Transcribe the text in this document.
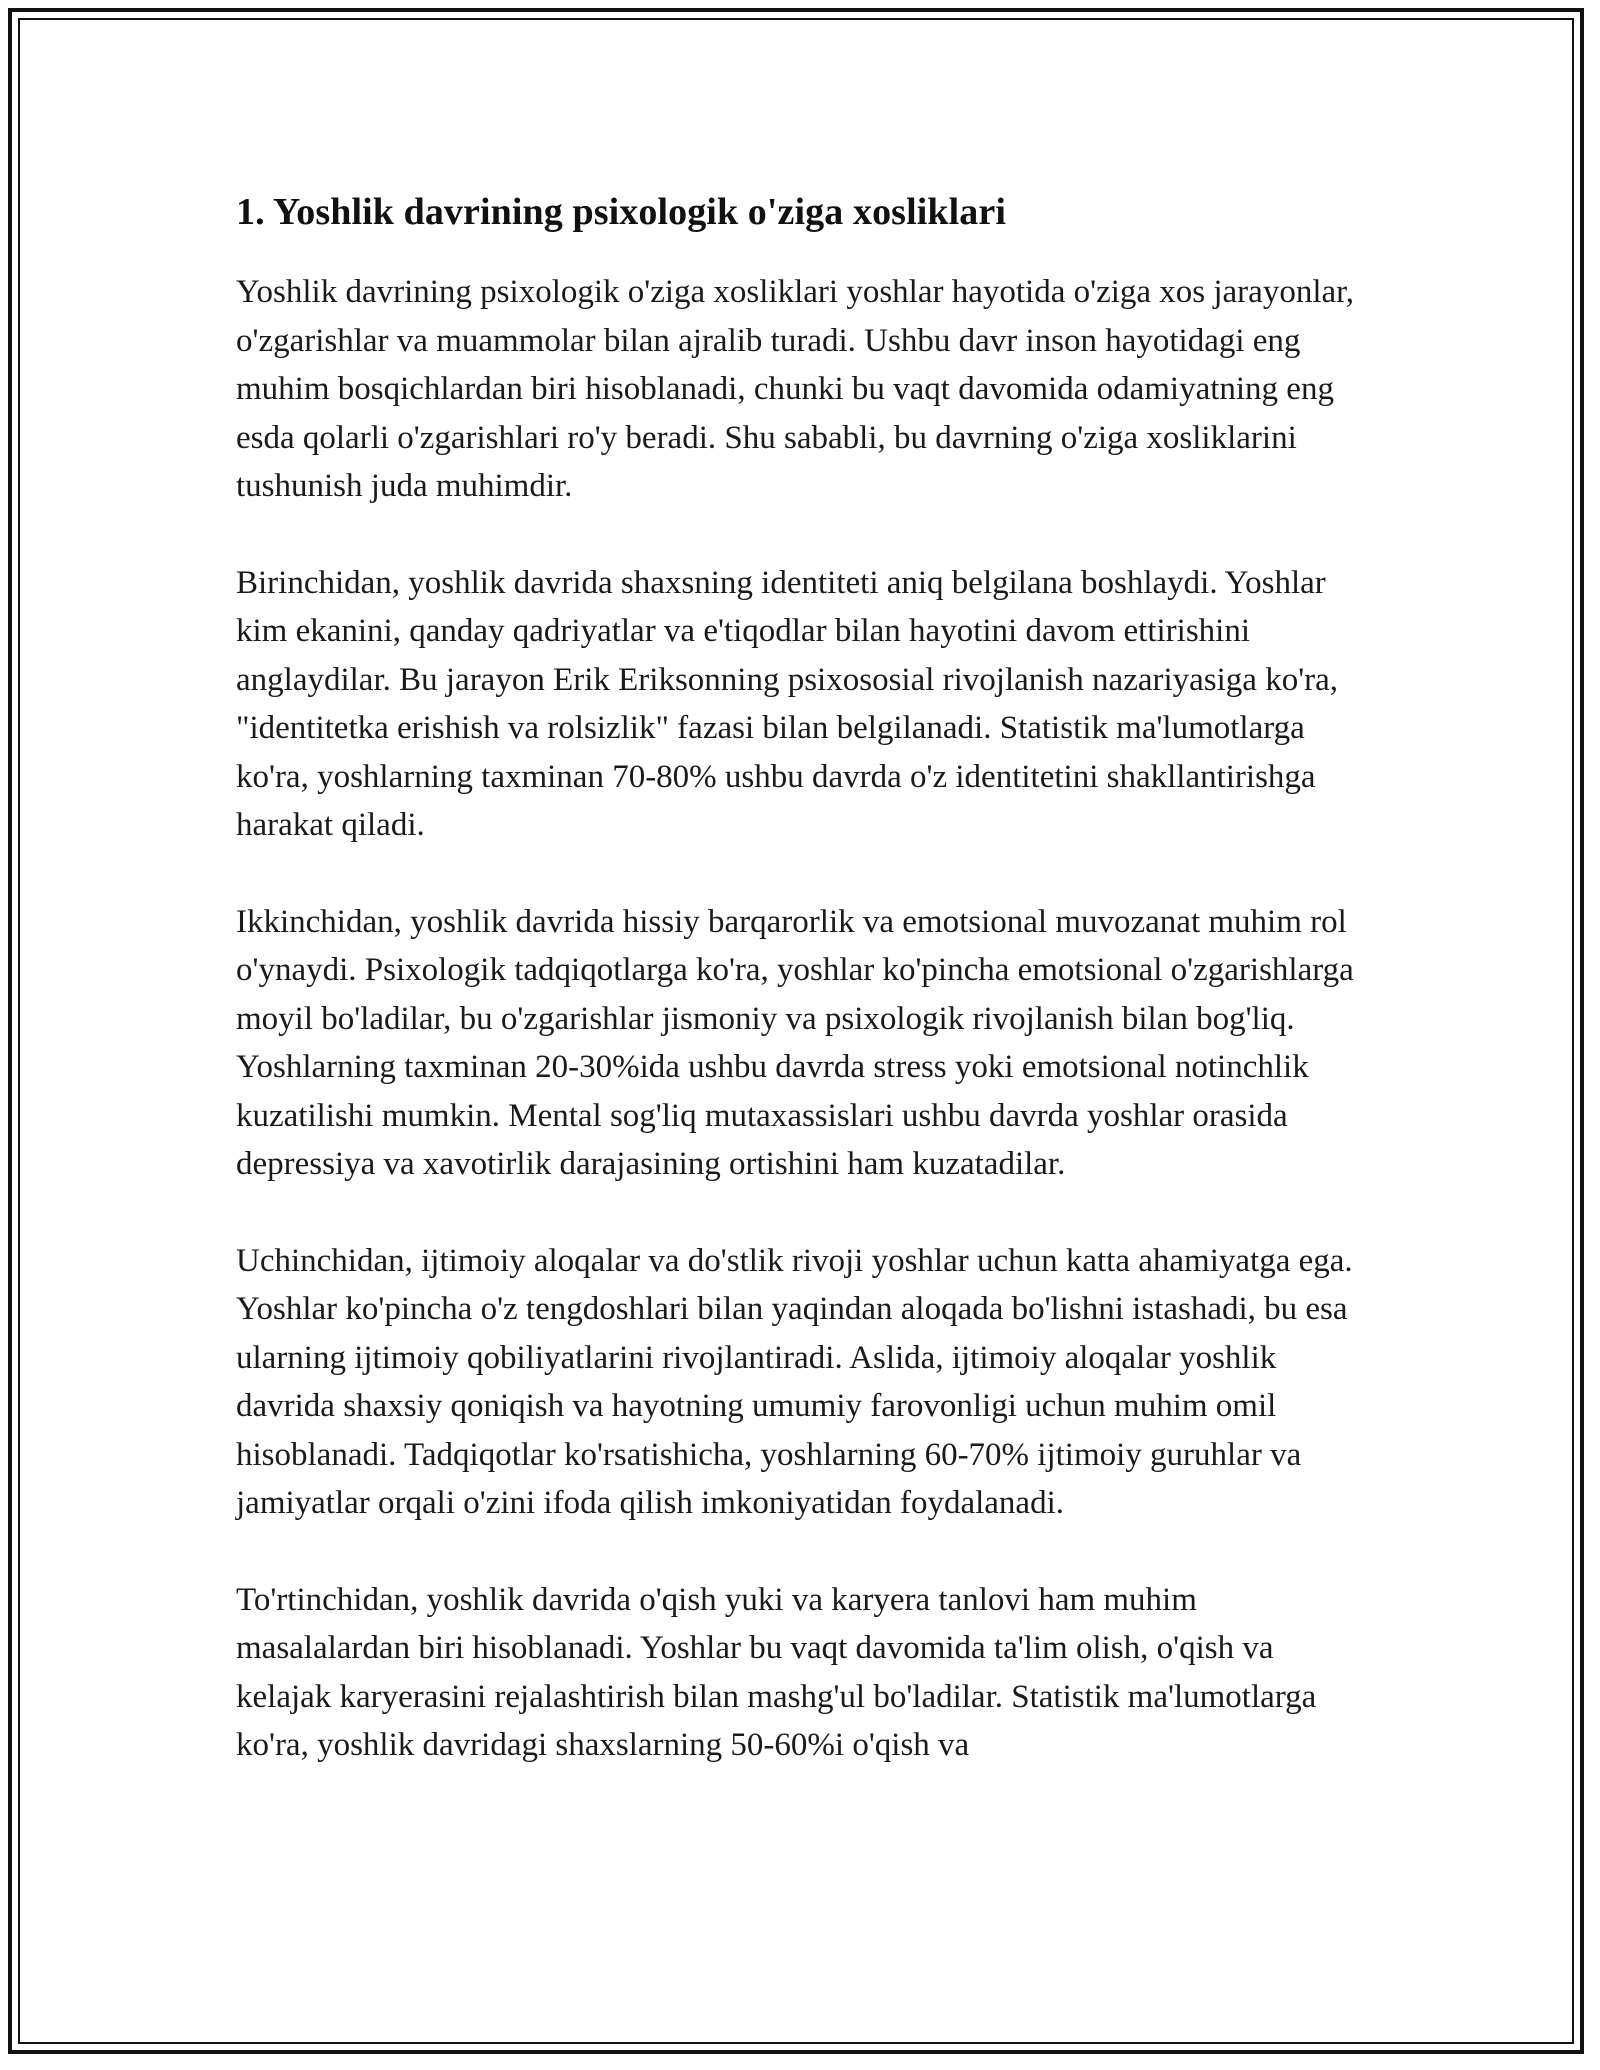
1. Yoshlik davrining psixologik o'ziga xosliklari

Yoshlik davrining psixologik o'ziga xosliklari yoshlar hayotida o'ziga xos jarayonlar, o'zgarishlar va muammolar bilan ajralib turadi. Ushbu davr inson hayotidagi eng muhim bosqichlardan biri hisoblanadi, chunki bu vaqt davomida odamiyatning eng esda qolarli o'zgarishlari ro'y beradi. Shu sababli, bu davrning o'ziga xosliklarini tushunish juda muhimdir.

Birinchidan, yoshlik davrida shaxsning identiteti aniq belgilana boshlaydi. Yoshlar kim ekanini, qanday qadriyatlar va e'tiqodlar bilan hayotini davom ettirishini anglaydilar. Bu jarayon Erik Eriksonning psixososial rivojlanish nazariyasiga ko'ra, "identitetka erishish va rolsizlik" fazasi bilan belgilanadi. Statistik ma'lumotlarga ko'ra, yoshlarning taxminan 70-80% ushbu davrda o'z identitetini shakllantirishga harakat qiladi.

Ikkinchidan, yoshlik davrida hissiy barqarorlik va emotsional muvozanat muhim rol o'ynaydi. Psixologik tadqiqotlarga ko'ra, yoshlar ko'pincha emotsional o'zgarishlarga moyil bo'ladilar, bu o'zgarishlar jismoniy va psixologik rivojlanish bilan bog'liq. Yoshlarning taxminan 20-30%ida ushbu davrda stress yoki emotsional notinchlik kuzatilishi mumkin. Mental sog'liq mutaxassislari ushbu davrda yoshlar orasida depressiya va xavotirlik darajasining ortishini ham kuzatadilar.

Uchinchidan, ijtimoiy aloqalar va do'stlik rivoji yoshlar uchun katta ahamiyatga ega. Yoshlar ko'pincha o'z tengdoshlari bilan yaqindan aloqada bo'lishni istashadi, bu esa ularning ijtimoiy qobiliyatlarini rivojlantiradi. Aslida, ijtimoiy aloqalar yoshlik davrida shaxsiy qoniqish va hayotning umumiy farovonligi uchun muhim omil hisoblanadi. Tadqiqotlar ko'rsatishicha, yoshlarning 60-70% ijtimoiy guruhlar va jamiyatlar orqali o'zini ifoda qilish imkoniyatidan foydalanadi.

To'rtinchidan, yoshlik davrida o'qish yuki va karyera tanlovi ham muhim masalalardan biri hisoblanadi. Yoshlar bu vaqt davomida ta'lim olish, o'qish va kelajak karyerasini rejalashtirish bilan mashg'ul bo'ladilar. Statistik ma'lumotlarga ko'ra, yoshlik davridagi shaxslarning 50-60%i o'qish va
